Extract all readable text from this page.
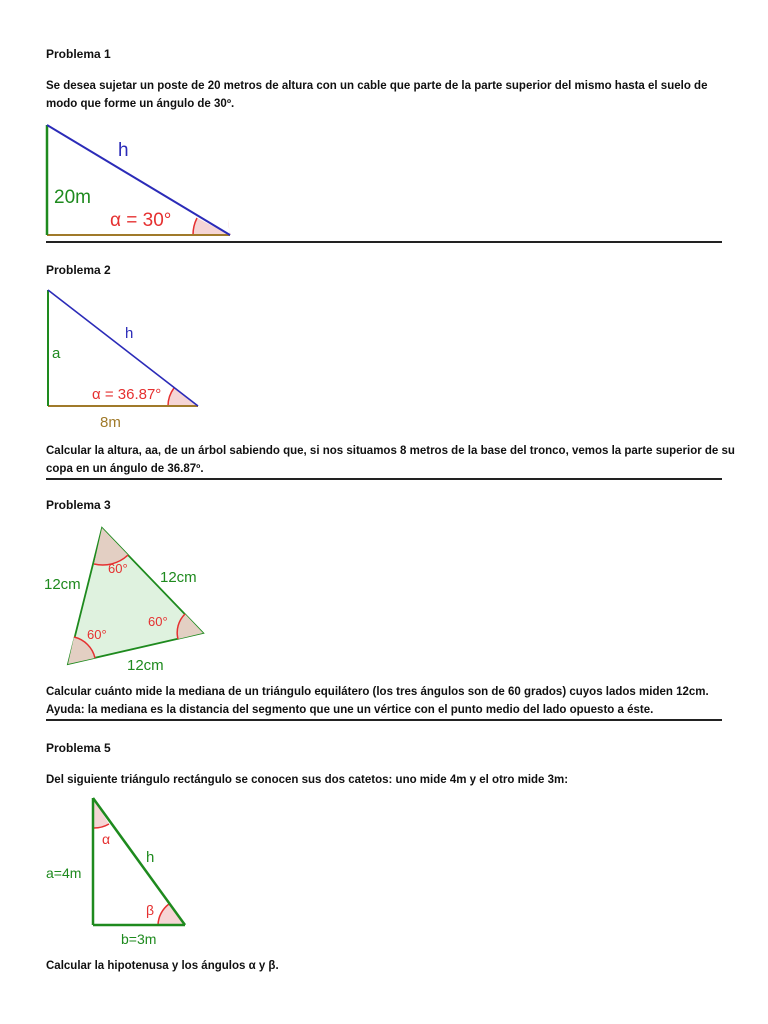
Problema 1
Se desea sujetar un poste de 20 metros de altura con un cable que parte de la parte superior del mismo hasta el suelo de modo que forme un ángulo de 30º.
h
20m
α = 30°
Problema 2
h
a
α = 36.87°
8m
Calcular la altura, aa, de un árbol sabiendo que, si nos situamos 8 metros de la base del tronco, vemos la parte superior de su copa en un ángulo de 36.87º.
Problema 3
12cm	12cm
12cm
60°
60°
60°
Calcular cuánto mide la mediana de un triángulo equilátero (los tres ángulos son de 60 grados) cuyos lados miden 12cm.
Ayuda: la mediana es la distancia del segmento que une un vértice con el punto medio del lado opuesto a éste.
Problema 5
Del siguiente triángulo rectángulo se conocen sus dos catetos: uno mide 4m y el otro mide 3m:
α
h
a=4m
β
b=3m
Calcular la hipotenusa y los ángulos α y β.
